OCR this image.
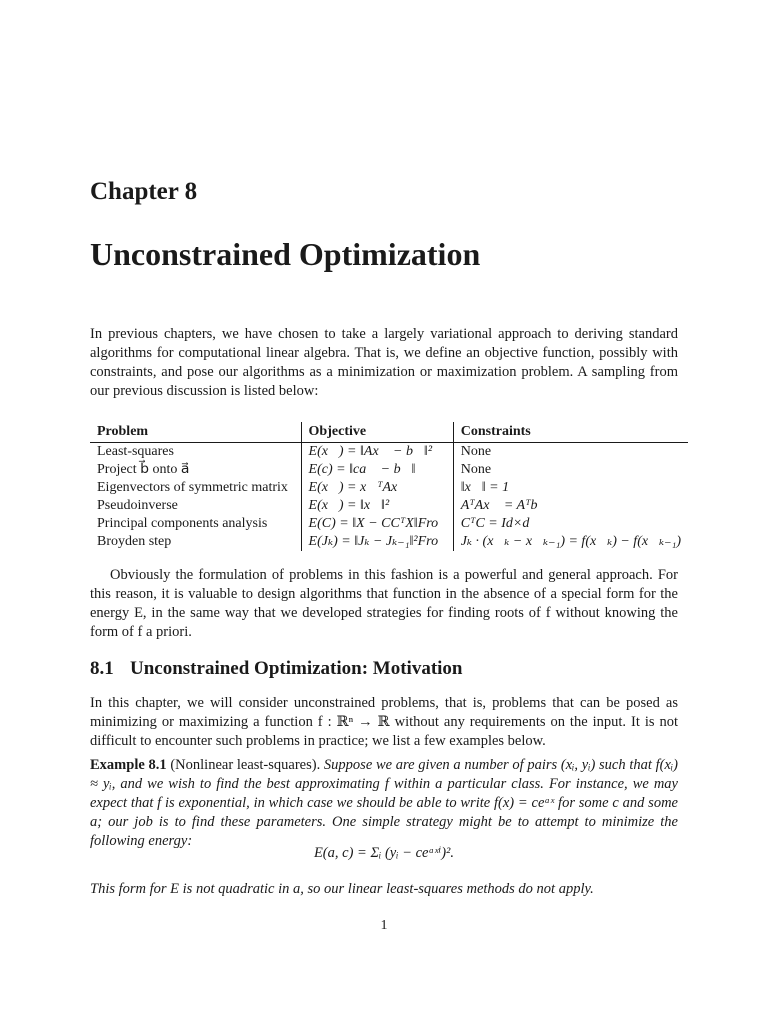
Chapter 8
Unconstrained Optimization

In previous chapters, we have chosen to take a largely variational approach to deriving standard algorithms for computational linear algebra. That is, we define an objective function, possibly with constraints, and pose our algorithms as a minimization or maximization problem. A sampling from our previous discussion is listed below:

Problem	Objective	Constraints
Least-squares	E(x⃗) = ‖Ax⃗ − b⃗‖²	None
Project b⃗ onto a⃗	E(c) = ‖ca⃗ − b⃗‖	None
Eigenvectors of symmetric matrix	E(x⃗) = x⃗ᵀAx⃗	‖x⃗‖ = 1
Pseudoinverse	E(x⃗) = ‖x⃗‖²	AᵀAx⃗ = Aᵀb⃗
Principal components analysis	E(C) = ‖X − CCᵀX‖Fro	CᵀC = Id×d
Broyden step	E(Jₖ) = ‖Jₖ − Jₖ₋₁‖²Fro	Jₖ · (x⃗ₖ − x⃗ₖ₋₁) = f(x⃗ₖ) − f(x⃗ₖ₋₁)

Obviously the formulation of problems in this fashion is a powerful and general approach. For this reason, it is valuable to design algorithms that function in the absence of a special form for the energy E, in the same way that we developed strategies for finding roots of f without knowing the form of f a priori.

8.1 Unconstrained Optimization: Motivation

In this chapter, we will consider unconstrained problems, that is, problems that can be posed as minimizing or maximizing a function f : ℝⁿ → ℝ without any requirements on the input. It is not difficult to encounter such problems in practice; we list a few examples below.

Example 8.1 (Nonlinear least-squares). Suppose we are given a number of pairs (xᵢ, yᵢ) such that f(xᵢ) ≈ yᵢ, and we wish to find the best approximating f within a particular class. For instance, we may expect that f is exponential, in which case we should be able to write f(x) = ceᵃˣ for some c and some a; our job is to find these parameters. One simple strategy might be to attempt to minimize the following energy:

E(a, c) = Σᵢ (yᵢ − ceᵃˣⁱ)².

This form for E is not quadratic in a, so our linear least-squares methods do not apply.

1
